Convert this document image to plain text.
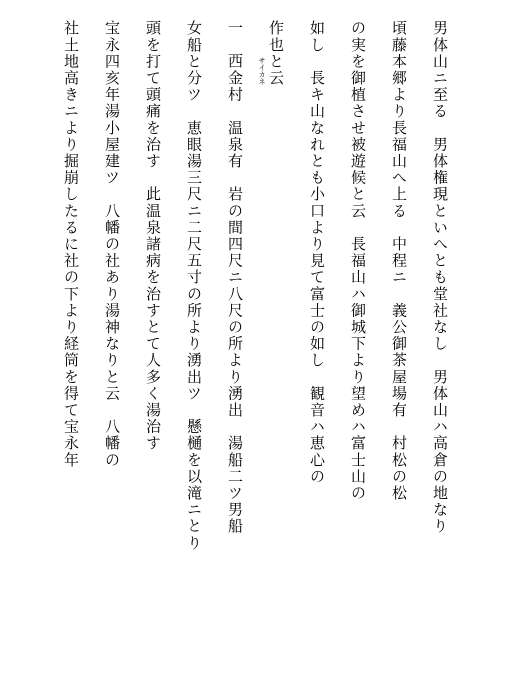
男体山ニ至る　男体権現といへとも堂社なし　男体山ハ高倉の地なり
頃藤本郷より長福山へ上る　中程ニ　義公御茶屋場有　村松の松
の実を御植させ被遊候と云　長福山ハ御城下より望めハ富士山の
如し　長キ山なれとも小口より見て富士の如し　観音ハ恵心の
作也と云
一　西金村 サイカネ
　温泉有　岩の間四尺ニ八尺の所より湧出　湯船二ツ男船
女船と分ツ　恵眼湯三尺ニ二尺五寸の所より湧出ツ　懸樋を以滝ニとり
頭を打て頭痛を治す　此温泉諸病を治すとて人多く湯治す
宝永四亥年湯小屋建ツ　八幡の社あり湯神なりと云　八幡の
社土地高きニより掘崩したるに社の下より経筒を得て宝永年
